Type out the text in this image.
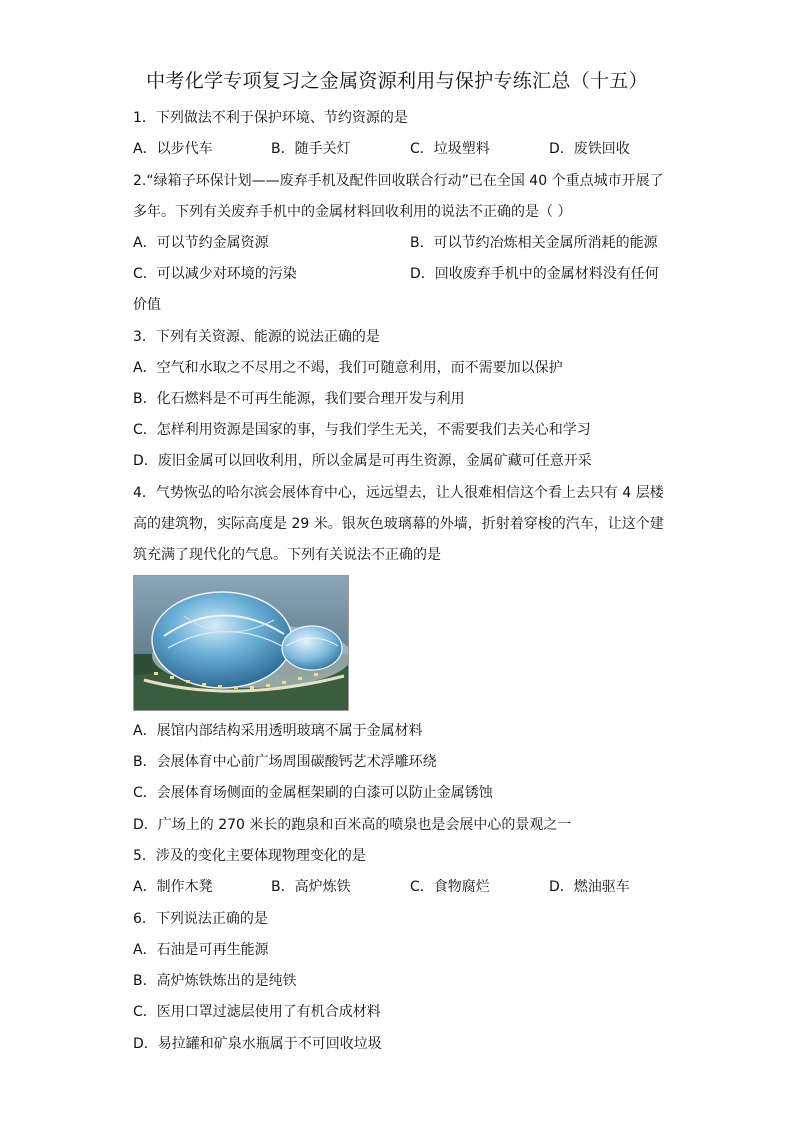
中考化学专项复习之金属资源利用与保护专练汇总（十五）
1．下列做法不利于保护环境、节约资源的是
A．以步代车	B．随手关灯	C．垃圾塑料	D．废铁回收
2.“绿箱子环保计划——废弃手机及配件回收联合行动”已在全国 40 个重点城市开展了
多年。下列有关废弃手机中的金属材料回收利用的说法不正确的是（ ）
A．可以节约金属资源	B．可以节约冶炼相关金属所消耗的能源
C．可以减少对环境的污染	D．回收废弃手机中的金属材料没有任何
价值
3．下列有关资源、能源的说法正确的是
A．空气和水取之不尽用之不竭，我们可随意利用，而不需要加以保护
B．化石燃料是不可再生能源，我们要合理开发与利用
C．怎样利用资源是国家的事，与我们学生无关，不需要我们去关心和学习
D．废旧金属可以回收利用，所以金属是可再生资源，金属矿藏可任意开采
4．气势恢弘的哈尔滨会展体育中心，远远望去，让人很难相信这个看上去只有 4 层楼
高的建筑物，实际高度是 29 米。银灰色玻璃幕的外墙，折射着穿梭的汽车，让这个建
筑充满了现代化的气息。下列有关说法不正确的是
A．展馆内部结构采用透明玻璃不属于金属材料
B．会展体育中心前广场周围碳酸钙艺术浮雕环绕
C．会展体育场侧面的金属框架刷的白漆可以防止金属锈蚀
D．广场上的 270 米长的跑泉和百米高的喷泉也是会展中心的景观之一
5．涉及的变化主要体现物理变化的是
A．制作木凳	B．高炉炼铁	C．食物腐烂	D．燃油驱车
6．下列说法正确的是
A．石油是可再生能源
B．高炉炼铁炼出的是纯铁
C．医用口罩过滤层使用了有机合成材料
D．易拉罐和矿泉水瓶属于不可回收垃圾
